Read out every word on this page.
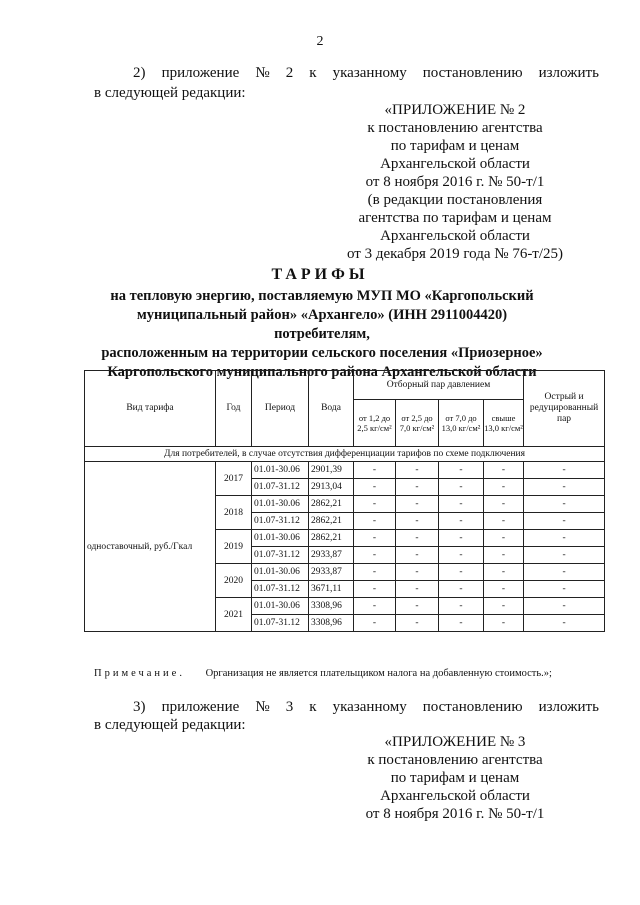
2
2) приложение № 2 к указанному постановлению изложить
в следующей редакции:
«ПРИЛОЖЕНИЕ № 2
к постановлению агентства
по тарифам и ценам
Архангельской области
от 8 ноября 2016 г. № 50-т/1
(в редакции постановления
агентства по тарифам и ценам
Архангельской области
от 3 декабря 2019 года № 76-т/25)
ТАРИФЫ
на тепловую энергию, поставляемую МУП МО «Каргопольский
муниципальный район» «Архангело» (ИНН 2911004420) потребителям,
расположенным на территории сельского поселения «Приозерное»
Каргопольского муниципального района Архангельской области
Вид тарифа	Год	Период	Вода	Отборный пар давлением				Острый и редуцированный пар
				от 1,2 до 2,5 кг/см²	от 2,5 до 7,0 кг/см²	от 7,0 до 13,0 кг/см²	свыше 13,0 кг/см²	
Для потребителей, в случае отсутствия дифференциации тарифов по схеме подключения								
одноставочный, руб./Гкал	2017	01.01-30.06	2901,39	-	-	-	-	-
		01.07-31.12	2913,04	-	-	-	-	-
	2018	01.01-30.06	2862,21	-	-	-	-	-
		01.07-31.12	2862,21	-	-	-	-	-
	2019	01.01-30.06	2862,21	-	-	-	-	-
		01.07-31.12	2933,87	-	-	-	-	-
	2020	01.01-30.06	2933,87	-	-	-	-	-
		01.07-31.12	3671,11	-	-	-	-	-
	2021	01.01-30.06	3308,96	-	-	-	-	-
		01.07-31.12	3308,96	-	-	-	-	-
Примечание. Организация не является плательщиком налога на добавленную стоимость.»;
3) приложение № 3 к указанному постановлению изложить
в следующей редакции:
«ПРИЛОЖЕНИЕ № 3
к постановлению агентства
по тарифам и ценам
Архангельской области
от 8 ноября 2016 г. № 50-т/1
